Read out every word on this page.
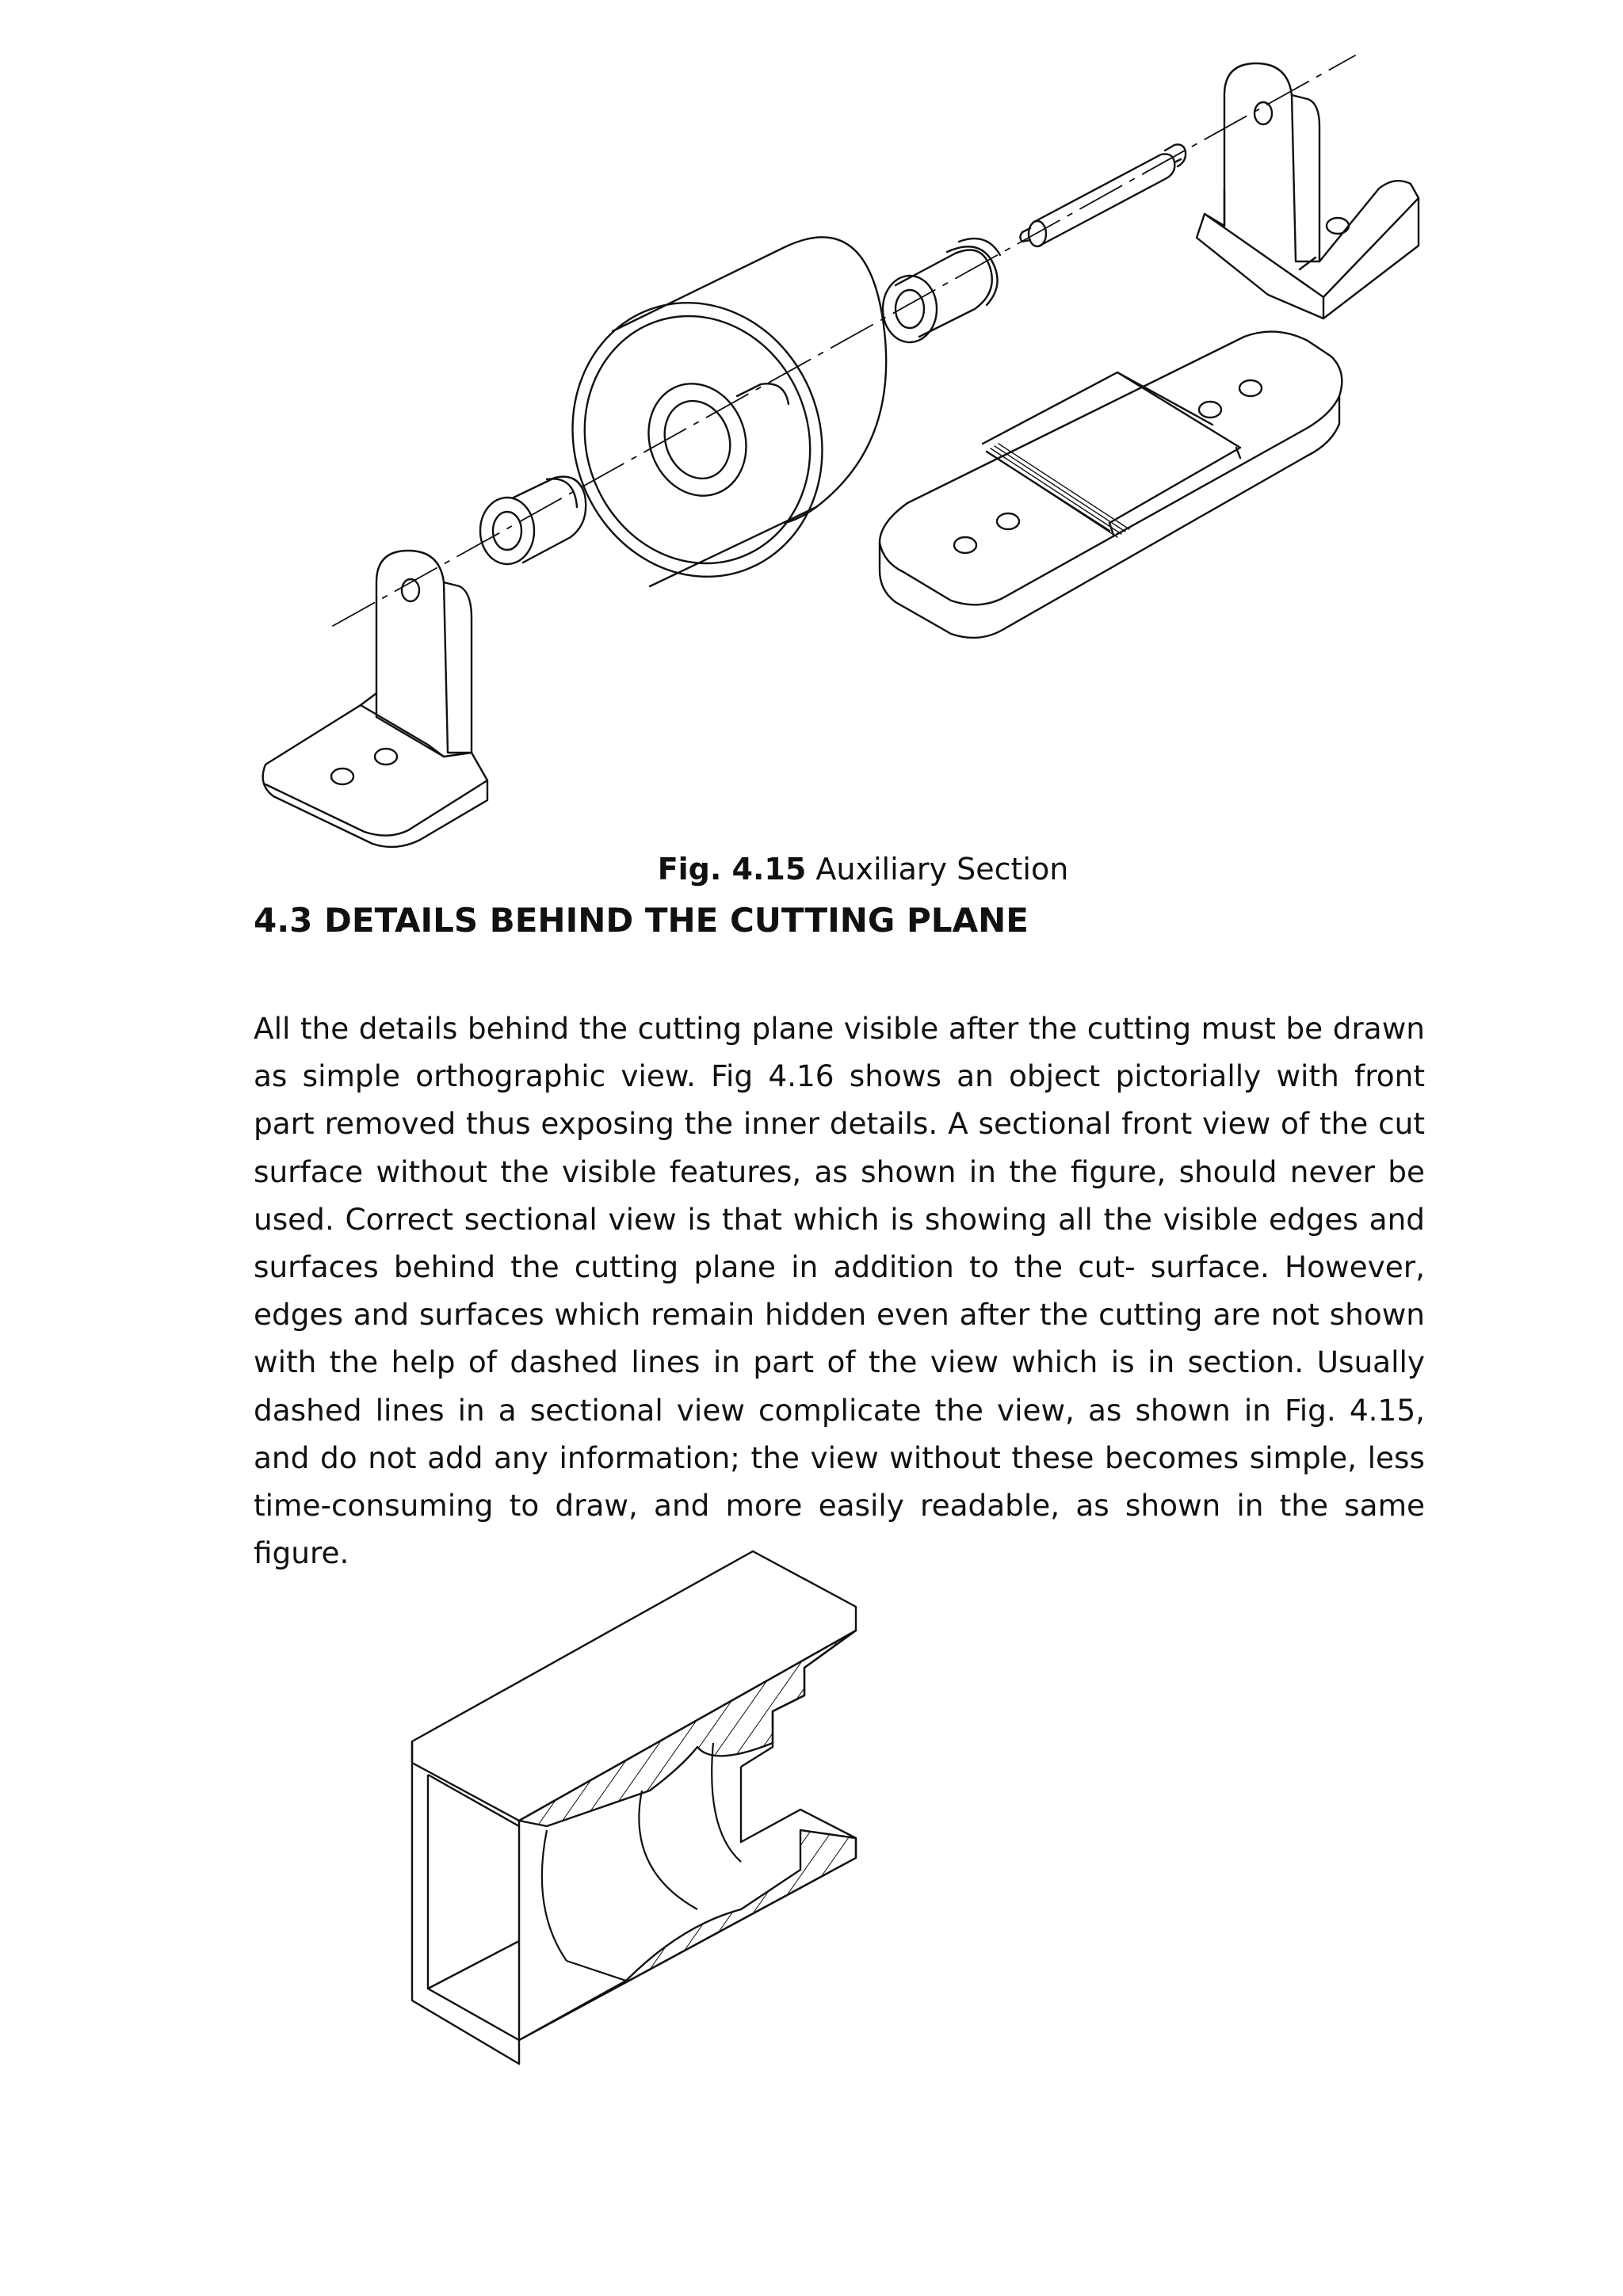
Fig. 4.15 Auxiliary Section
4.3 DETAILS BEHIND THE CUTTING PLANE

All the details behind the cutting plane visible after the cutting must be drawn as simple orthographic view. Fig 4.16 shows an object pictorially with front part removed thus exposing the inner details. A sectional front view of the cut surface without the visible features, as shown in the figure, should never be used. Correct sectional view is that which is showing all the visible edges and surfaces behind the cutting plane in addition to the cut- surface. However, edges and surfaces which remain hidden even after the cutting are not shown with the help of dashed lines in part of the view which is in section. Usually dashed lines in a sectional view complicate the view, as shown in Fig. 4.15, and do not add any information; the view without these becomes simple, less time-consuming to draw, and more easily readable, as shown in the same figure.
